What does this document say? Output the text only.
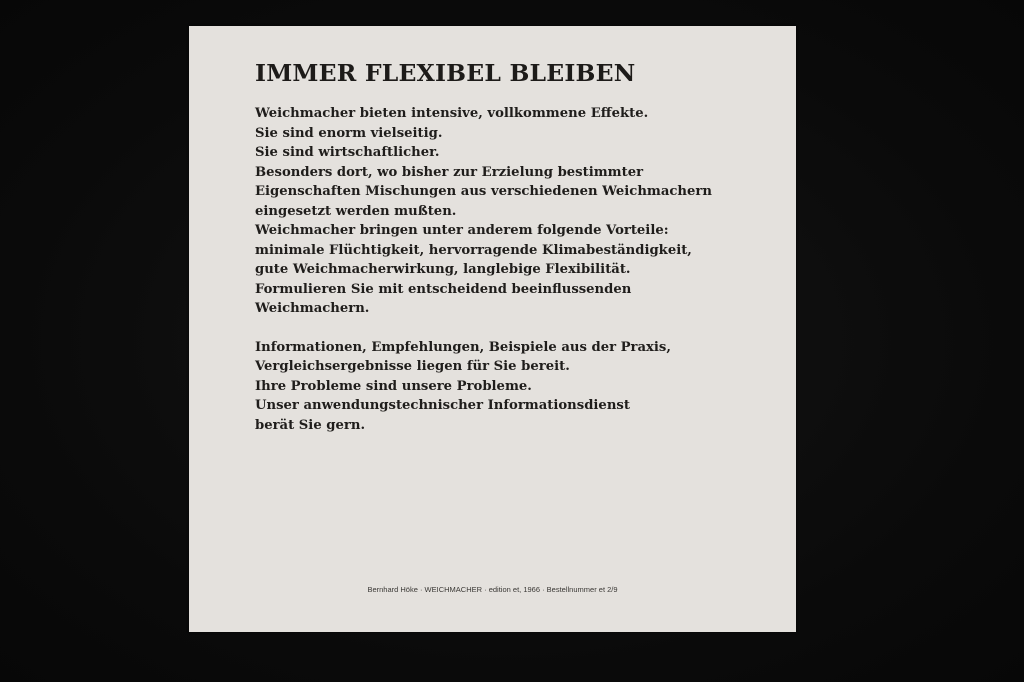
IMMER FLEXIBEL BLEIBEN

Weichmacher bieten intensive, vollkommene Effekte.
Sie sind enorm vielseitig.
Sie sind wirtschaftlicher.
Besonders dort, wo bisher zur Erzielung bestimmter
Eigenschaften Mischungen aus verschiedenen Weichmachern
eingesetzt werden mußten.
Weichmacher bringen unter anderem folgende Vorteile:
minimale Flüchtigkeit, hervorragende Klimabeständigkeit,
gute Weichmacherwirkung, langlebige Flexibilität.
Formulieren Sie mit entscheidend beeinflussenden
Weichmachern.

Informationen, Empfehlungen, Beispiele aus der Praxis,
Vergleichsergebnisse liegen für Sie bereit.
Ihre Probleme sind unsere Probleme.
Unser anwendungstechnischer Informationsdienst
berät Sie gern.

Bernhard Höke · WEICHMACHER · edition et, 1966 · Bestellnummer et 2/9
